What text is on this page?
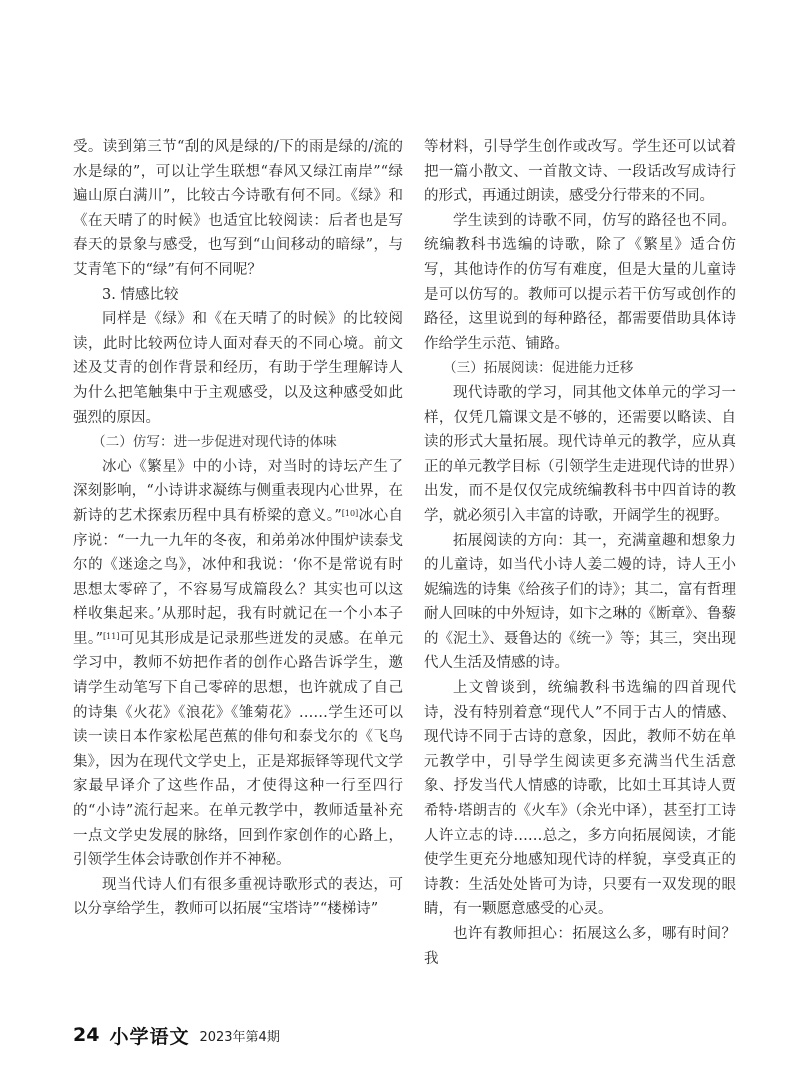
受。读到第三节“刮的风是绿的/下的雨是绿的/流的水是绿的”，可以让学生联想“春风又绿江南岸”“绿遍山原白满川”，比较古今诗歌有何不同。《绿》和《在天晴了的时候》也适宜比较阅读：后者也是写春天的景象与感受，也写到“山间移动的暗绿”，与艾青笔下的“绿”有何不同呢？

3. 情感比较

同样是《绿》和《在天晴了的时候》的比较阅读，此时比较两位诗人面对春天的不同心境。前文述及艾青的创作背景和经历，有助于学生理解诗人为什么把笔触集中于主观感受，以及这种感受如此强烈的原因。

（二）仿写：进一步促进对现代诗的体味

冰心《繁星》中的小诗，对当时的诗坛产生了深刻影响，“小诗讲求凝练与侧重表现内心世界，在新诗的艺术探索历程中具有桥梁的意义。”[10]冰心自序说：“一九一九年的冬夜，和弟弟冰仲围炉读泰戈尔的《迷途之鸟》，冰仲和我说：‘你不是常说有时思想太零碎了，不容易写成篇段么？其实也可以这样收集起来。’从那时起，我有时就记在一个小本子里。”[11]可见其形成是记录那些迸发的灵感。在单元学习中，教师不妨把作者的创作心路告诉学生，邀请学生动笔写下自己零碎的思想，也许就成了自己的诗集《火花》《浪花》《雏菊花》……学生还可以读一读日本作家松尾芭蕉的俳句和泰戈尔的《飞鸟集》，因为在现代文学史上，正是郑振铎等现代文学家最早译介了这些作品，才使得这种一行至四行的“小诗”流行起来。在单元教学中，教师适量补充一点文学史发展的脉络，回到作家创作的心路上，引领学生体会诗歌创作并不神秘。

现当代诗人们有很多重视诗歌形式的表达，可以分享给学生，教师可以拓展“宝塔诗”“楼梯诗”

等材料，引导学生创作或改写。学生还可以试着把一篇小散文、一首散文诗、一段话改写成诗行的形式，再通过朗读，感受分行带来的不同。

学生读到的诗歌不同，仿写的路径也不同。统编教科书选编的诗歌，除了《繁星》适合仿写，其他诗作的仿写有难度，但是大量的儿童诗是可以仿写的。教师可以提示若干仿写或创作的路径，这里说到的每种路径，都需要借助具体诗作给学生示范、铺路。

（三）拓展阅读：促进能力迁移

现代诗歌的学习，同其他文体单元的学习一样，仅凭几篇课文是不够的，还需要以略读、自读的形式大量拓展。现代诗单元的教学，应从真正的单元教学目标（引领学生走进现代诗的世界）出发，而不是仅仅完成统编教科书中四首诗的教学，就必须引入丰富的诗歌，开阔学生的视野。

拓展阅读的方向：其一，充满童趣和想象力的儿童诗，如当代小诗人姜二嫚的诗，诗人王小妮编选的诗集《给孩子们的诗》；其二，富有哲理耐人回味的中外短诗，如卞之琳的《断章》、鲁藜的《泥土》、聂鲁达的《统一》等；其三，突出现代人生活及情感的诗。

上文曾谈到，统编教科书选编的四首现代诗，没有特别着意“现代人”不同于古人的情感、现代诗不同于古诗的意象，因此，教师不妨在单元教学中，引导学生阅读更多充满当代生活意象、抒发当代人情感的诗歌，比如土耳其诗人贾希特·塔朗吉的《火车》（余光中译），甚至打工诗人许立志的诗……总之，多方向拓展阅读，才能使学生更充分地感知现代诗的样貌，享受真正的诗教：生活处处皆可为诗，只要有一双发现的眼睛，有一颗愿意感受的心灵。

也许有教师担心：拓展这么多，哪有时间？我

24 小学语文 2023年第4期
